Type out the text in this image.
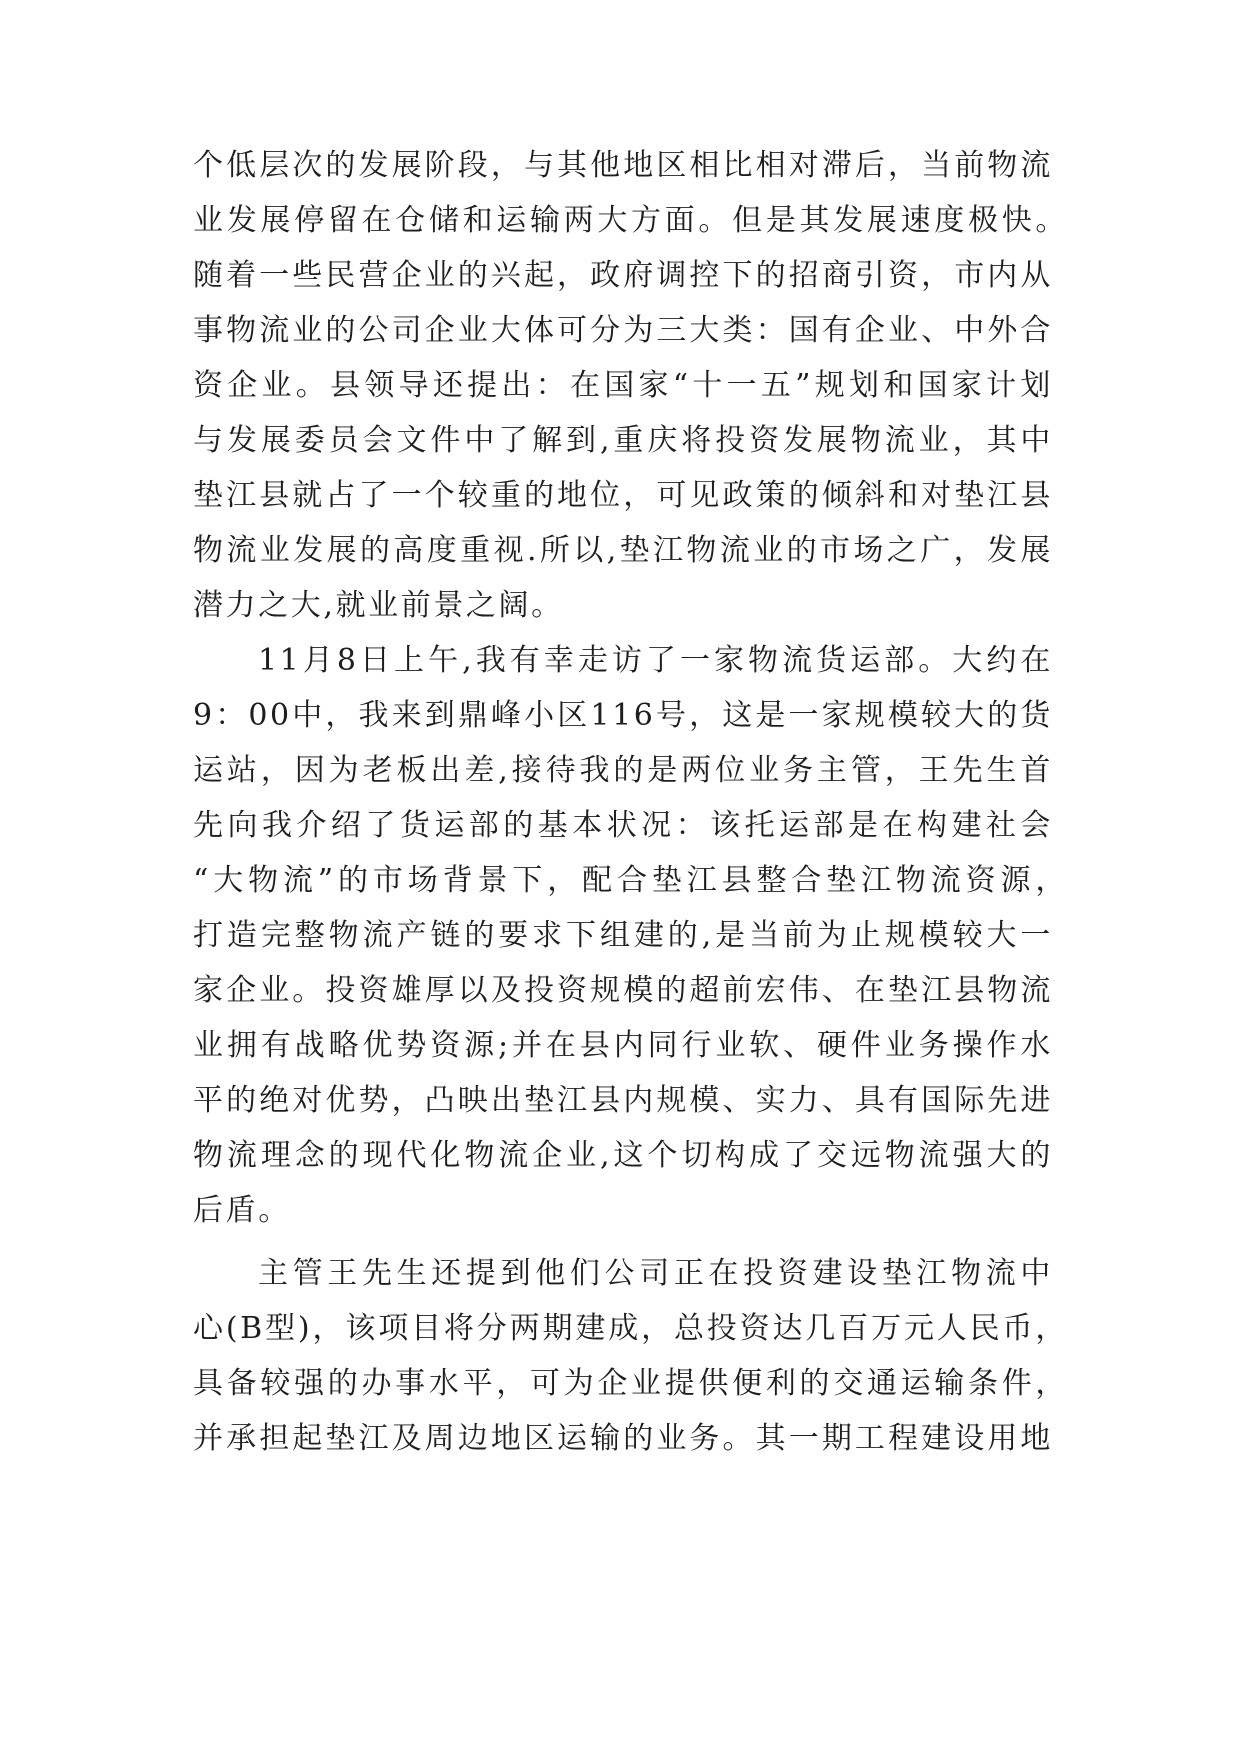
个低层次的发展阶段，与其他地区相比相对滞后，当前物流
业发展停留在仓储和运输两大方面。但是其发展速度极快。
随着一些民营企业的兴起，政府调控下的招商引资，市内从
事物流业的公司企业大体可分为三大类：国有企业、中外合
资企业。县领导还提出：在国家“十一五”规划和国家计划
与发展委员会文件中了解到,重庆将投资发展物流业，其中
垫江县就占了一个较重的地位，可见政策的倾斜和对垫江县
物流业发展的高度重视.所以,垫江物流业的市场之广，发展
潜力之大,就业前景之阔。
11月8日上午,我有幸走访了一家物流货运部。大约在
9：00中，我来到鼎峰小区116号，这是一家规模较大的货
运站，因为老板出差,接待我的是两位业务主管，王先生首
先向我介绍了货运部的基本状况：该托运部是在构建社会
“大物流”的市场背景下，配合垫江县整合垫江物流资源，
打造完整物流产链的要求下组建的,是当前为止规模较大一
家企业。投资雄厚以及投资规模的超前宏伟、在垫江县物流
业拥有战略优势资源;并在县内同行业软、硬件业务操作水
平的绝对优势，凸映出垫江县内规模、实力、具有国际先进
物流理念的现代化物流企业,这个切构成了交远物流强大的
后盾。
主管王先生还提到他们公司正在投资建设垫江物流中
心(B型)，该项目将分两期建成，总投资达几百万元人民币，
具备较强的办事水平，可为企业提供便利的交通运输条件，
并承担起垫江及周边地区运输的业务。其一期工程建设用地
